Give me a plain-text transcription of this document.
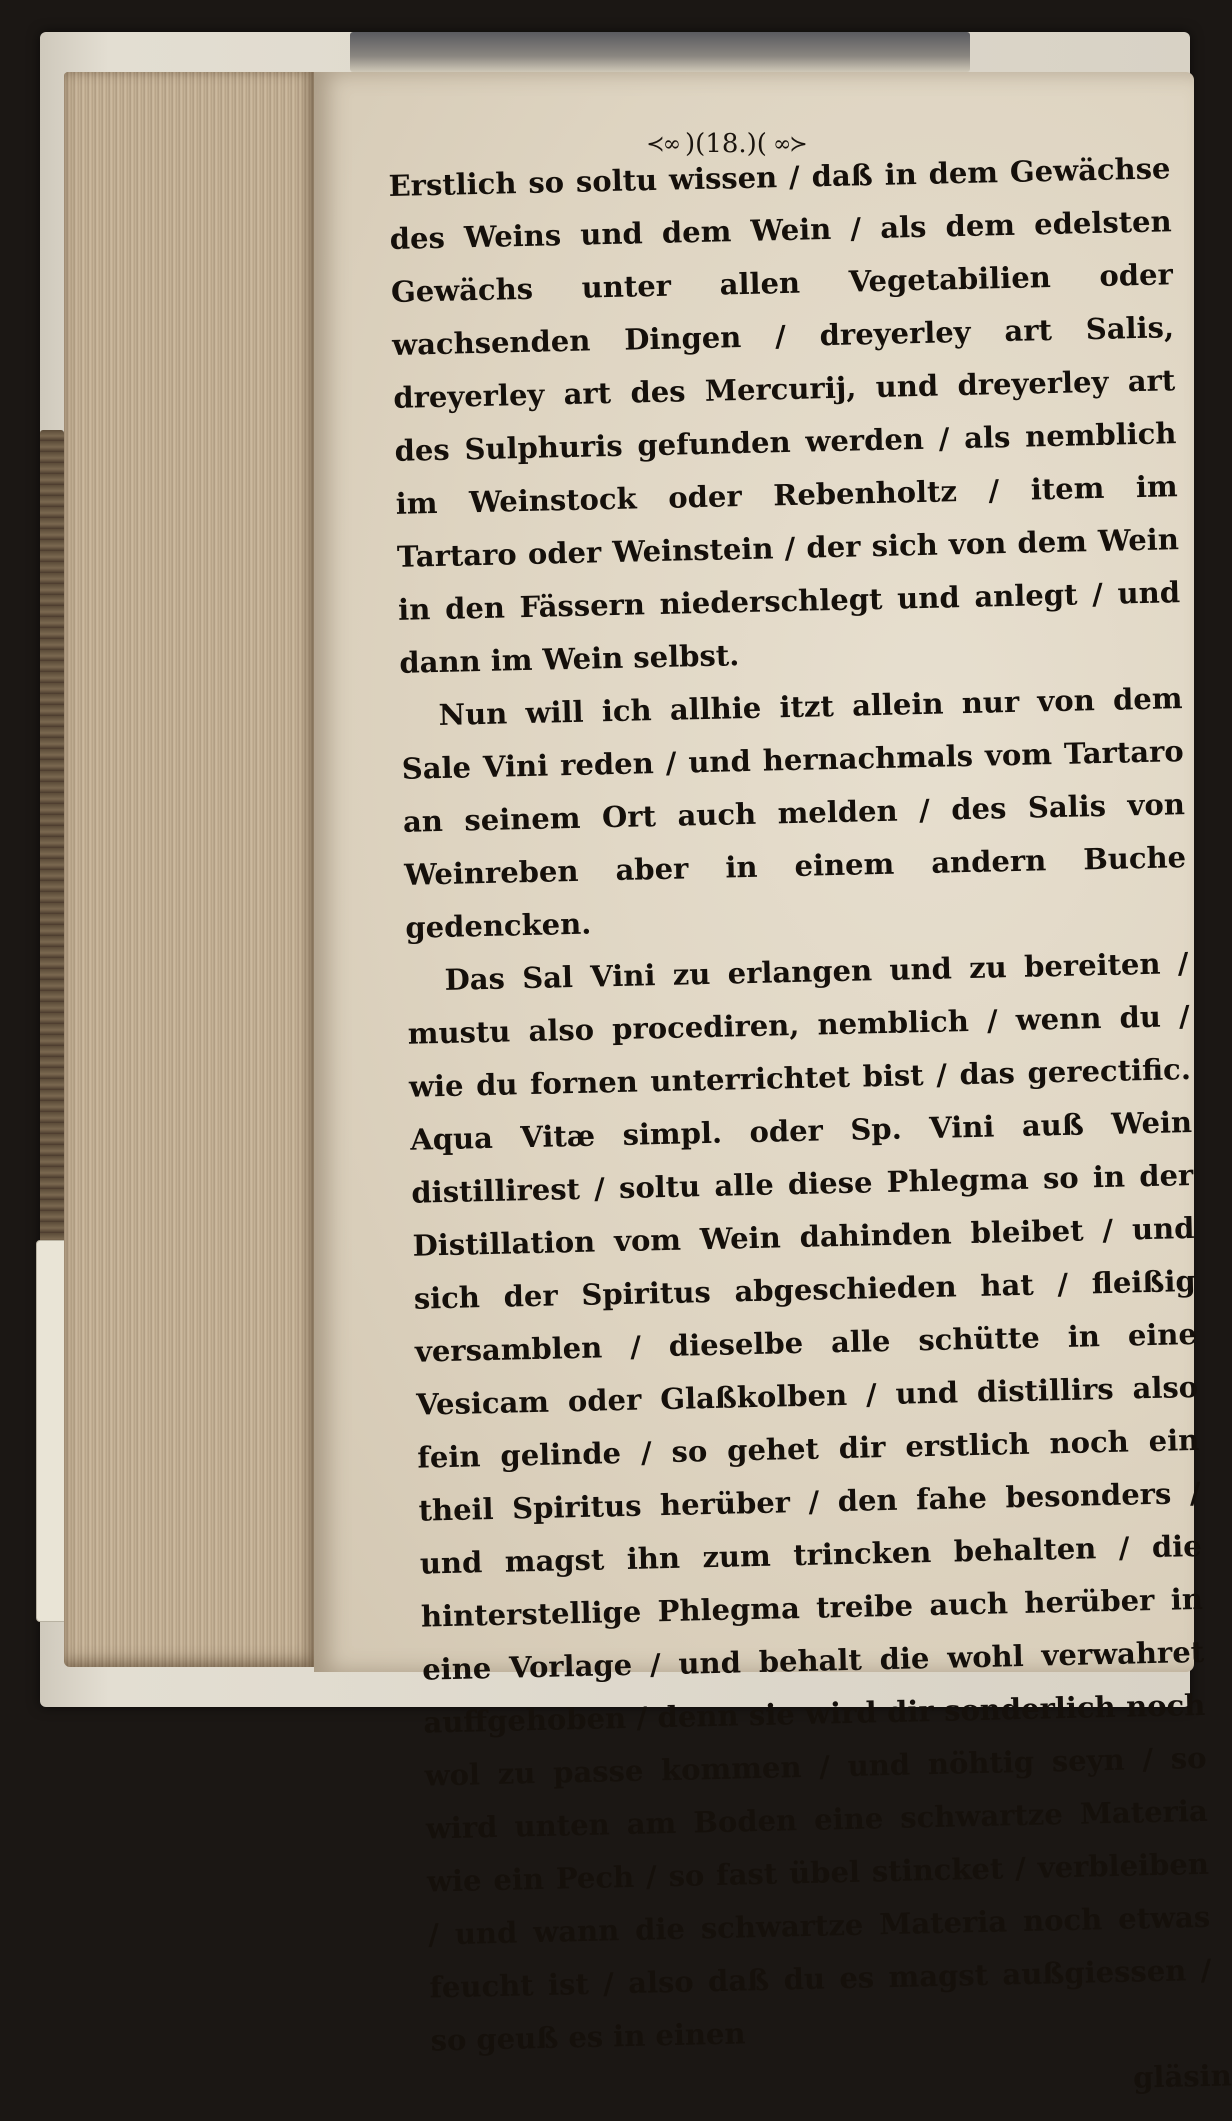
≺∞ )(18.)( ∞≻

Erstlich so soltu wissen / daß in dem Gewächse des Weins und dem Wein / als dem edelsten Gewächs unter allen Vegetabilien oder wachsenden Dingen / dreyerley art Salis, dreyerley art des Mercurij, und dreyerley art des Sulphuris gefunden werden / als nemblich im Weinstock oder Rebenholtz / item im Tartaro oder Weinstein / der sich von dem Wein in den Fässern niederschlegt und anlegt / und dann im Wein selbst.

Nun will ich allhie itzt allein nur von dem Sale Vini reden / und hernachmals vom Tartaro an seinem Ort auch melden / des Salis von Weinreben aber in einem andern Buche gedencken.

Das Sal Vini zu erlangen und zu bereiten / mustu also procediren, nemblich / wenn du / wie du fornen unterrichtet bist / das gerectific. Aqua Vitæ simpl. oder Sp. Vini auß Wein distillirest / soltu alle diese Phlegma so in der Distillation vom Wein dahinden bleibet / und sich der Spiritus abgeschieden hat / fleißig versamblen / dieselbe alle schütte in eine Vesicam oder Glaßkolben / und distillirs also fein gelinde / so gehet dir erstlich noch ein theil Spiritus herüber / den fahe besonders / und magst ihn zum trincken behalten / die hinterstellige Phlegma treibe auch herüber in eine Vorlage / und behalt die wohl verwahret auffgehoben / denn sie wird dir sonderlich noch wol zu passe kommen / und nöhtig seyn / so wird unten am Boden eine schwartze Materia wie ein Pech / so fast übel stincket / verbleiben / und wann die schwartze Materia noch etwas feucht ist / also daß du es magst außgiessen / so geuß es in einen

gläsin
